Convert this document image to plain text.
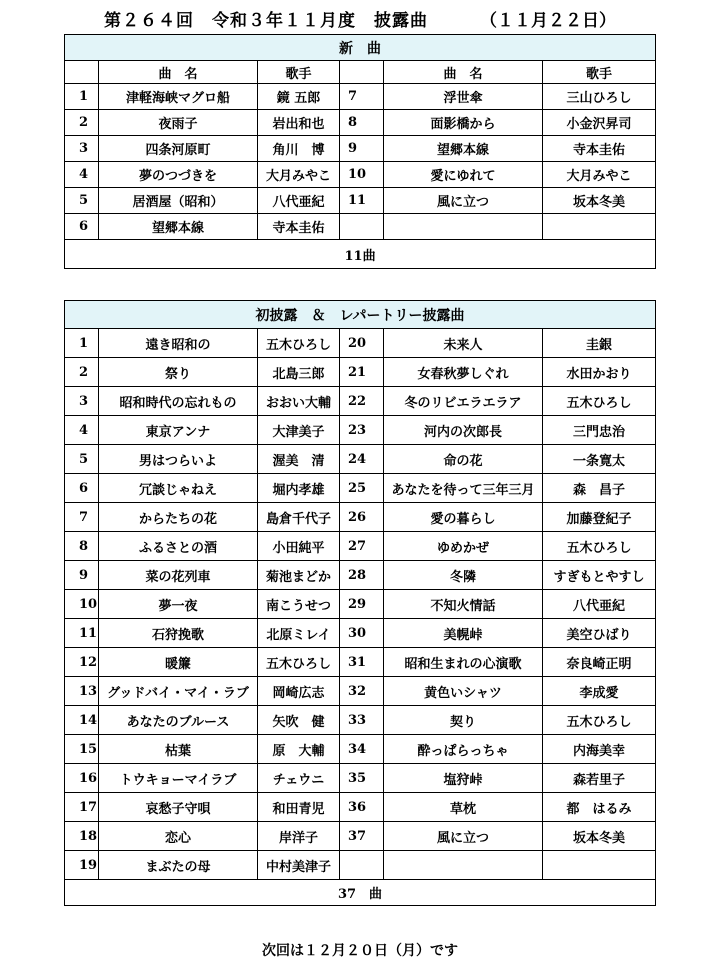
第２６４回　令和３年１１月度　披露曲	（１１月２２日）
新　曲					
	曲　名	歌手		曲　名	歌手
1	津軽海峡マグロ船	鏡 五郎	7	浮世傘	三山ひろし
2	夜雨子	岩出和也	8	面影橋から	小金沢昇司
3	四条河原町	角川　博	9	望郷本線	寺本圭佑
4	夢のつづきを	大月みやこ	10	愛にゆれて	大月みやこ
5	居酒屋（昭和）	八代亜紀	11	風に立つ	坂本冬美
6	望郷本線	寺本圭佑			
11曲					
初披露　＆　レパートリー披露曲					
1	遠き昭和の	五木ひろし	20	未来人	圭銀
2	祭り	北島三郎	21	女春秋夢しぐれ	水田かおり
3	昭和時代の忘れもの	おおい大輔	22	冬のリビエラエラア	五木ひろし
4	東京アンナ	大津美子	23	河内の次郎長	三門忠治
5	男はつらいよ	渥美　清	24	命の花	一条寛太
6	冗談じゃねえ	堀内孝雄	25	あなたを待って三年三月	森　昌子
7	からたちの花	島倉千代子	26	愛の暮らし	加藤登紀子
8	ふるさとの酒	小田純平	27	ゆめかぜ	五木ひろし
9	菜の花列車	菊池まどか	28	冬隣	すぎもとやすし
10	夢一夜	南こうせつ	29	不知火情話	八代亜紀
11	石狩挽歌	北原ミレイ	30	美幌峠	美空ひばり
12	暖簾	五木ひろし	31	昭和生まれの心演歌	奈良崎正明
13	グッドバイ・マイ・ラブ	岡崎広志	32	黄色いシャツ	李成愛
14	あなたのブルース	矢吹　健	33	契り	五木ひろし
15	枯葉	原　大輔	34	酔っぱらっちゃ	内海美幸
16	トウキョーマイラブ	チェウニ	35	塩狩峠	森若里子
17	哀愁子守唄	和田青児	36	草枕	都　はるみ
18	恋心	岸洋子	37	風に立つ	坂本冬美
19	まぶたの母	中村美津子			
37　曲					
次回は１２月２０日（月）です
